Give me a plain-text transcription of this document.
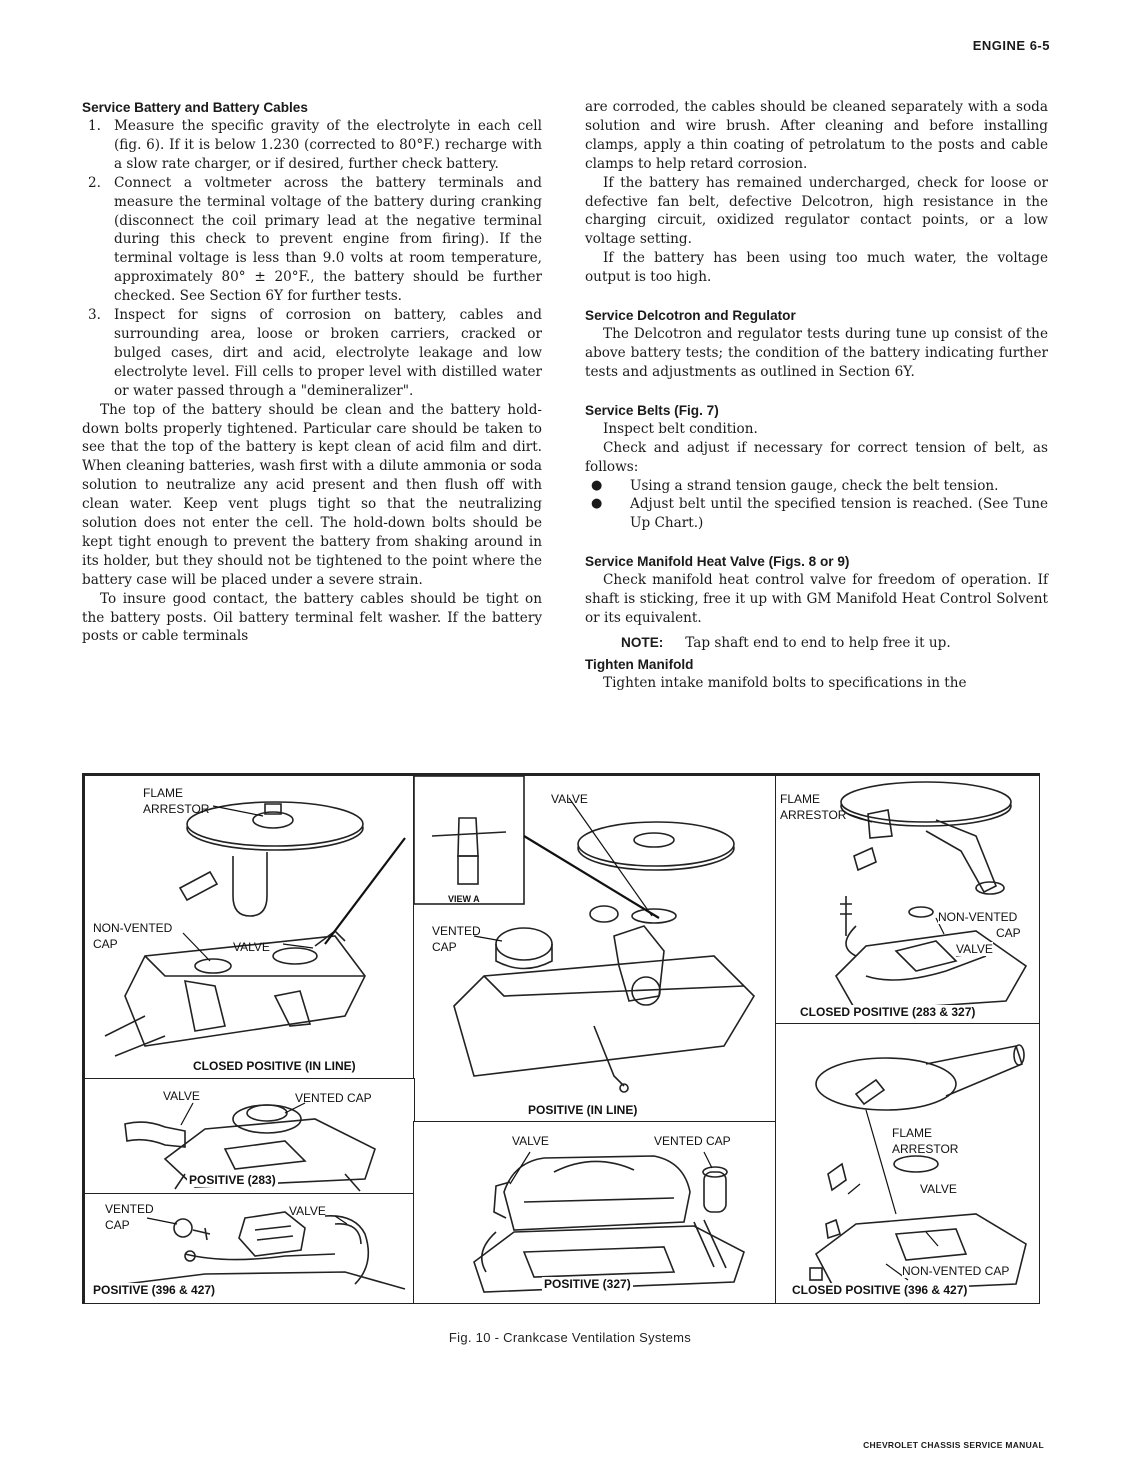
ENGINE 6-5

Service Battery and Battery Cables

1. Measure the specific gravity of the electrolyte in each cell (fig. 6). If it is below 1.230 (corrected to 80°F.) recharge with a slow rate charger, or if desired, further check battery.
2. Connect a voltmeter across the battery terminals and measure the terminal voltage of the battery during cranking (disconnect the coil primary lead at the negative terminal during this check to prevent engine from firing). If the terminal voltage is less than 9.0 volts at room temperature, approximately 80° ± 20°F., the battery should be further checked. See Section 6Y for further tests.
3. Inspect for signs of corrosion on battery, cables and surrounding area, loose or broken carriers, cracked or bulged cases, dirt and acid, electrolyte leakage and low electrolyte level. Fill cells to proper level with distilled water or water passed through a "demineralizer".

The top of the battery should be clean and the battery hold-down bolts properly tightened. Particular care should be taken to see that the top of the battery is kept clean of acid film and dirt. When cleaning batteries, wash first with a dilute ammonia or soda solution to neutralize any acid present and then flush off with clean water. Keep vent plugs tight so that the neutralizing solution does not enter the cell. The hold-down bolts should be kept tight enough to prevent the battery from shaking around in its holder, but they should not be tightened to the point where the battery case will be placed under a severe strain.

To insure good contact, the battery cables should be tight on the battery posts. Oil battery terminal felt washer. If the battery posts or cable terminals

are corroded, the cables should be cleaned separately with a soda solution and wire brush. After cleaning and before installing clamps, apply a thin coating of petrolatum to the posts and cable clamps to help retard corrosion.

If the battery has remained undercharged, check for loose or defective fan belt, defective Delcotron, high resistance in the charging circuit, oxidized regulator contact points, or a low voltage setting.

If the battery has been using too much water, the voltage output is too high.

Service Delcotron and Regulator

The Delcotron and regulator tests during tune up consist of the above battery tests; the condition of the battery indicating further tests and adjustments as outlined in Section 6Y.

Service Belts (Fig. 7)

Inspect belt condition.

Check and adjust if necessary for correct tension of belt, as follows:

● Using a strand tension gauge, check the belt tension.
● Adjust belt until the specified tension is reached. (See Tune Up Chart.)

Service Manifold Heat Valve (Figs. 8 or 9)

Check manifold heat control valve for freedom of operation. If shaft is sticking, free it up with GM Manifold Heat Control Solvent or its equivalent.

NOTE: Tap shaft end to end to help free it up.

Tighten Manifold

Tighten intake manifold bolts to specifications in the

FLAME
ARRESTOR
NON-VENTED
CAP	VALVE
CLOSED POSITIVE (IN LINE)
VIEW A
VALVE
VENTED
CAP
POSITIVE (IN LINE)
FLAME
ARRESTOR
NON-VENTED
CAP
VALVE
CLOSED POSITIVE (283 & 327)
VALVE	VENTED CAP
POSITIVE (283)
VENTED
CAP
VALVE
POSITIVE (396 & 427)
VALVE	VENTED CAP
POSITIVE (327)
FLAME
ARRESTOR
VALVE
NON-VENTED CAP
CLOSED POSITIVE (396 & 427)
Fig. 10 - Crankcase Ventilation Systems
CHEVROLET CHASSIS SERVICE MANUAL
